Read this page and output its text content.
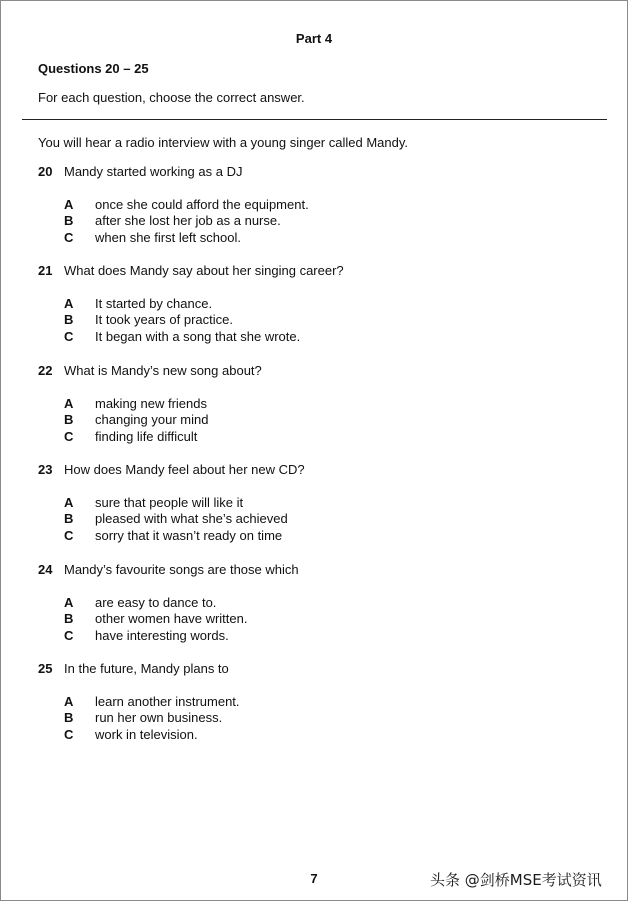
Part 4
Questions 20 – 25
For each question, choose the correct answer.
You will hear a radio interview with a young singer called Mandy.
20 Mandy started working as a DJ
A once she could afford the equipment.
B after she lost her job as a nurse.
C when she first left school.
21 What does Mandy say about her singing career?
A It started by chance.
B It took years of practice.
C It began with a song that she wrote.
22 What is Mandy’s new song about?
A making new friends
B changing your mind
C finding life difficult
23 How does Mandy feel about her new CD?
A sure that people will like it
B pleased with what she’s achieved
C sorry that it wasn’t ready on time
24 Mandy’s favourite songs are those which
A are easy to dance to.
B other women have written.
C have interesting words.
25 In the future, Mandy plans to
A learn another instrument.
B run her own business.
C work in television.
7	头条 @剑桥MSE考试资讯
